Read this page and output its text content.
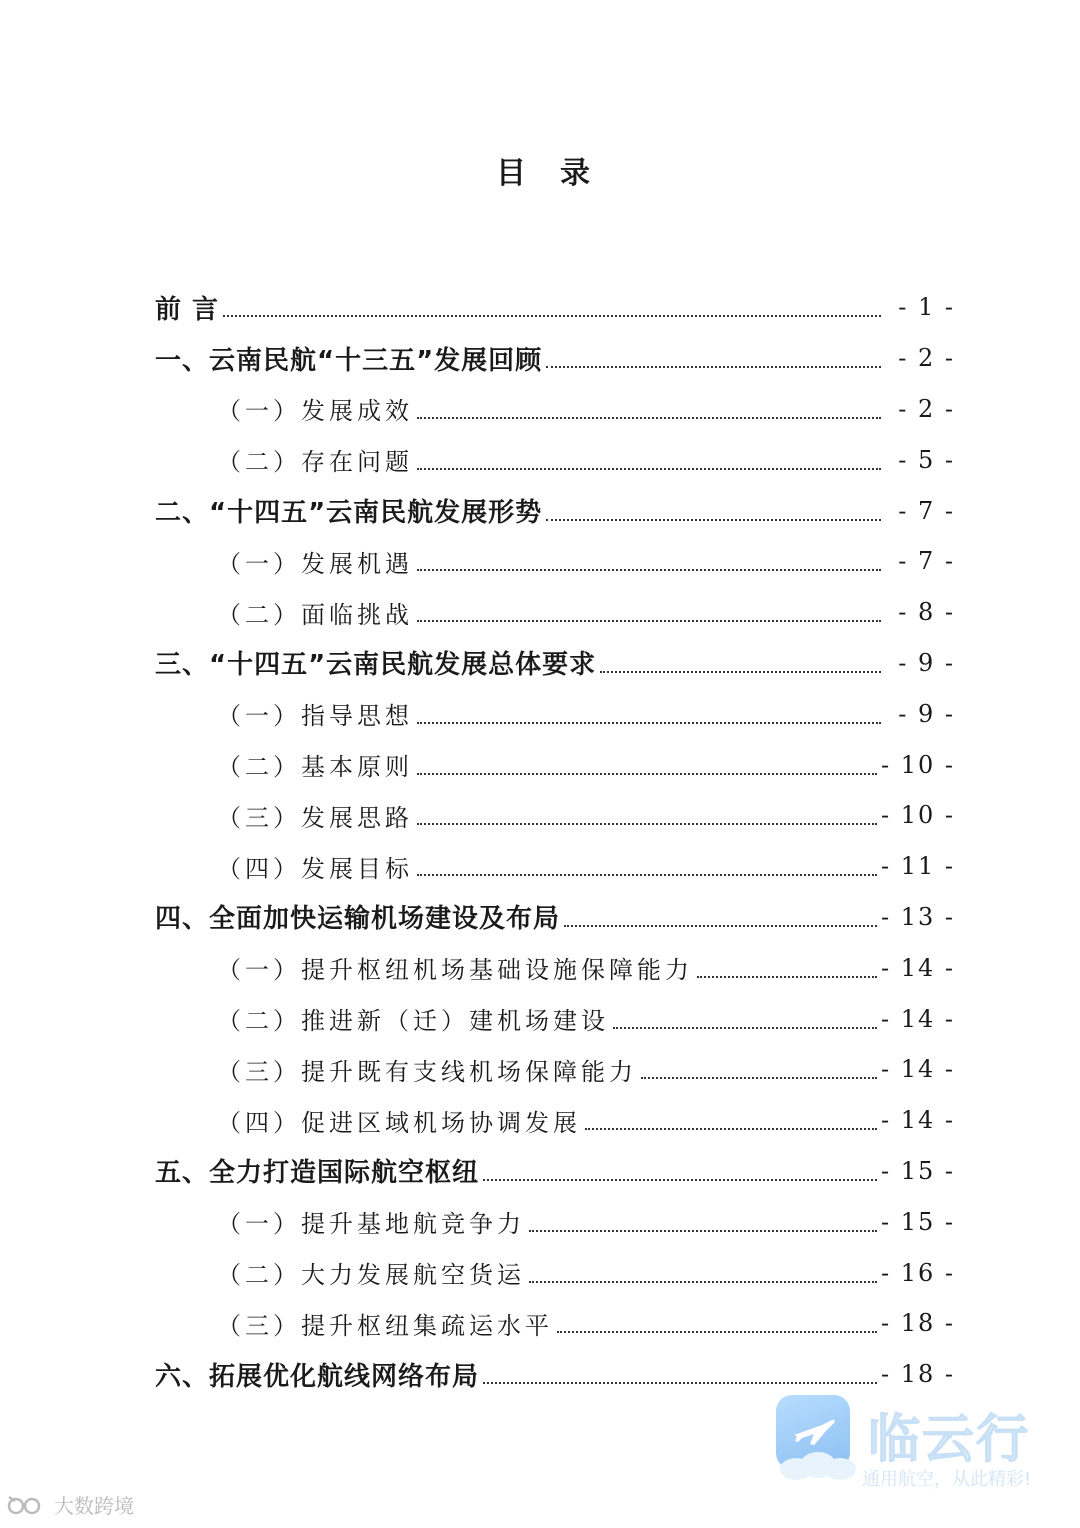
目录
前 言	- 1 -
一、云南民航“十三五”发展回顾	- 2 -
（一）发展成效	- 2 -
（二）存在问题	- 5 -
二、“十四五”云南民航发展形势	- 7 -
（一）发展机遇	- 7 -
（二）面临挑战	- 8 -
三、“十四五”云南民航发展总体要求	- 9 -
（一）指导思想	- 9 -
（二）基本原则	- 10 -
（三）发展思路	- 10 -
（四）发展目标	- 11 -
四、全面加快运输机场建设及布局	- 13 -
（一）提升枢纽机场基础设施保障能力	- 14 -
（二）推进新（迁）建机场建设	- 14 -
（三）提升既有支线机场保障能力	- 14 -
（四）促进区域机场协调发展	- 14 -
五、全力打造国际航空枢纽	- 15 -
（一）提升基地航竞争力	- 15 -
（二）大力发展航空货运	- 16 -
（三）提升枢纽集疏运水平	- 18 -
六、拓展优化航线网络布局	- 18 -
临云行
通用航空，从此精彩!
大数跨境
